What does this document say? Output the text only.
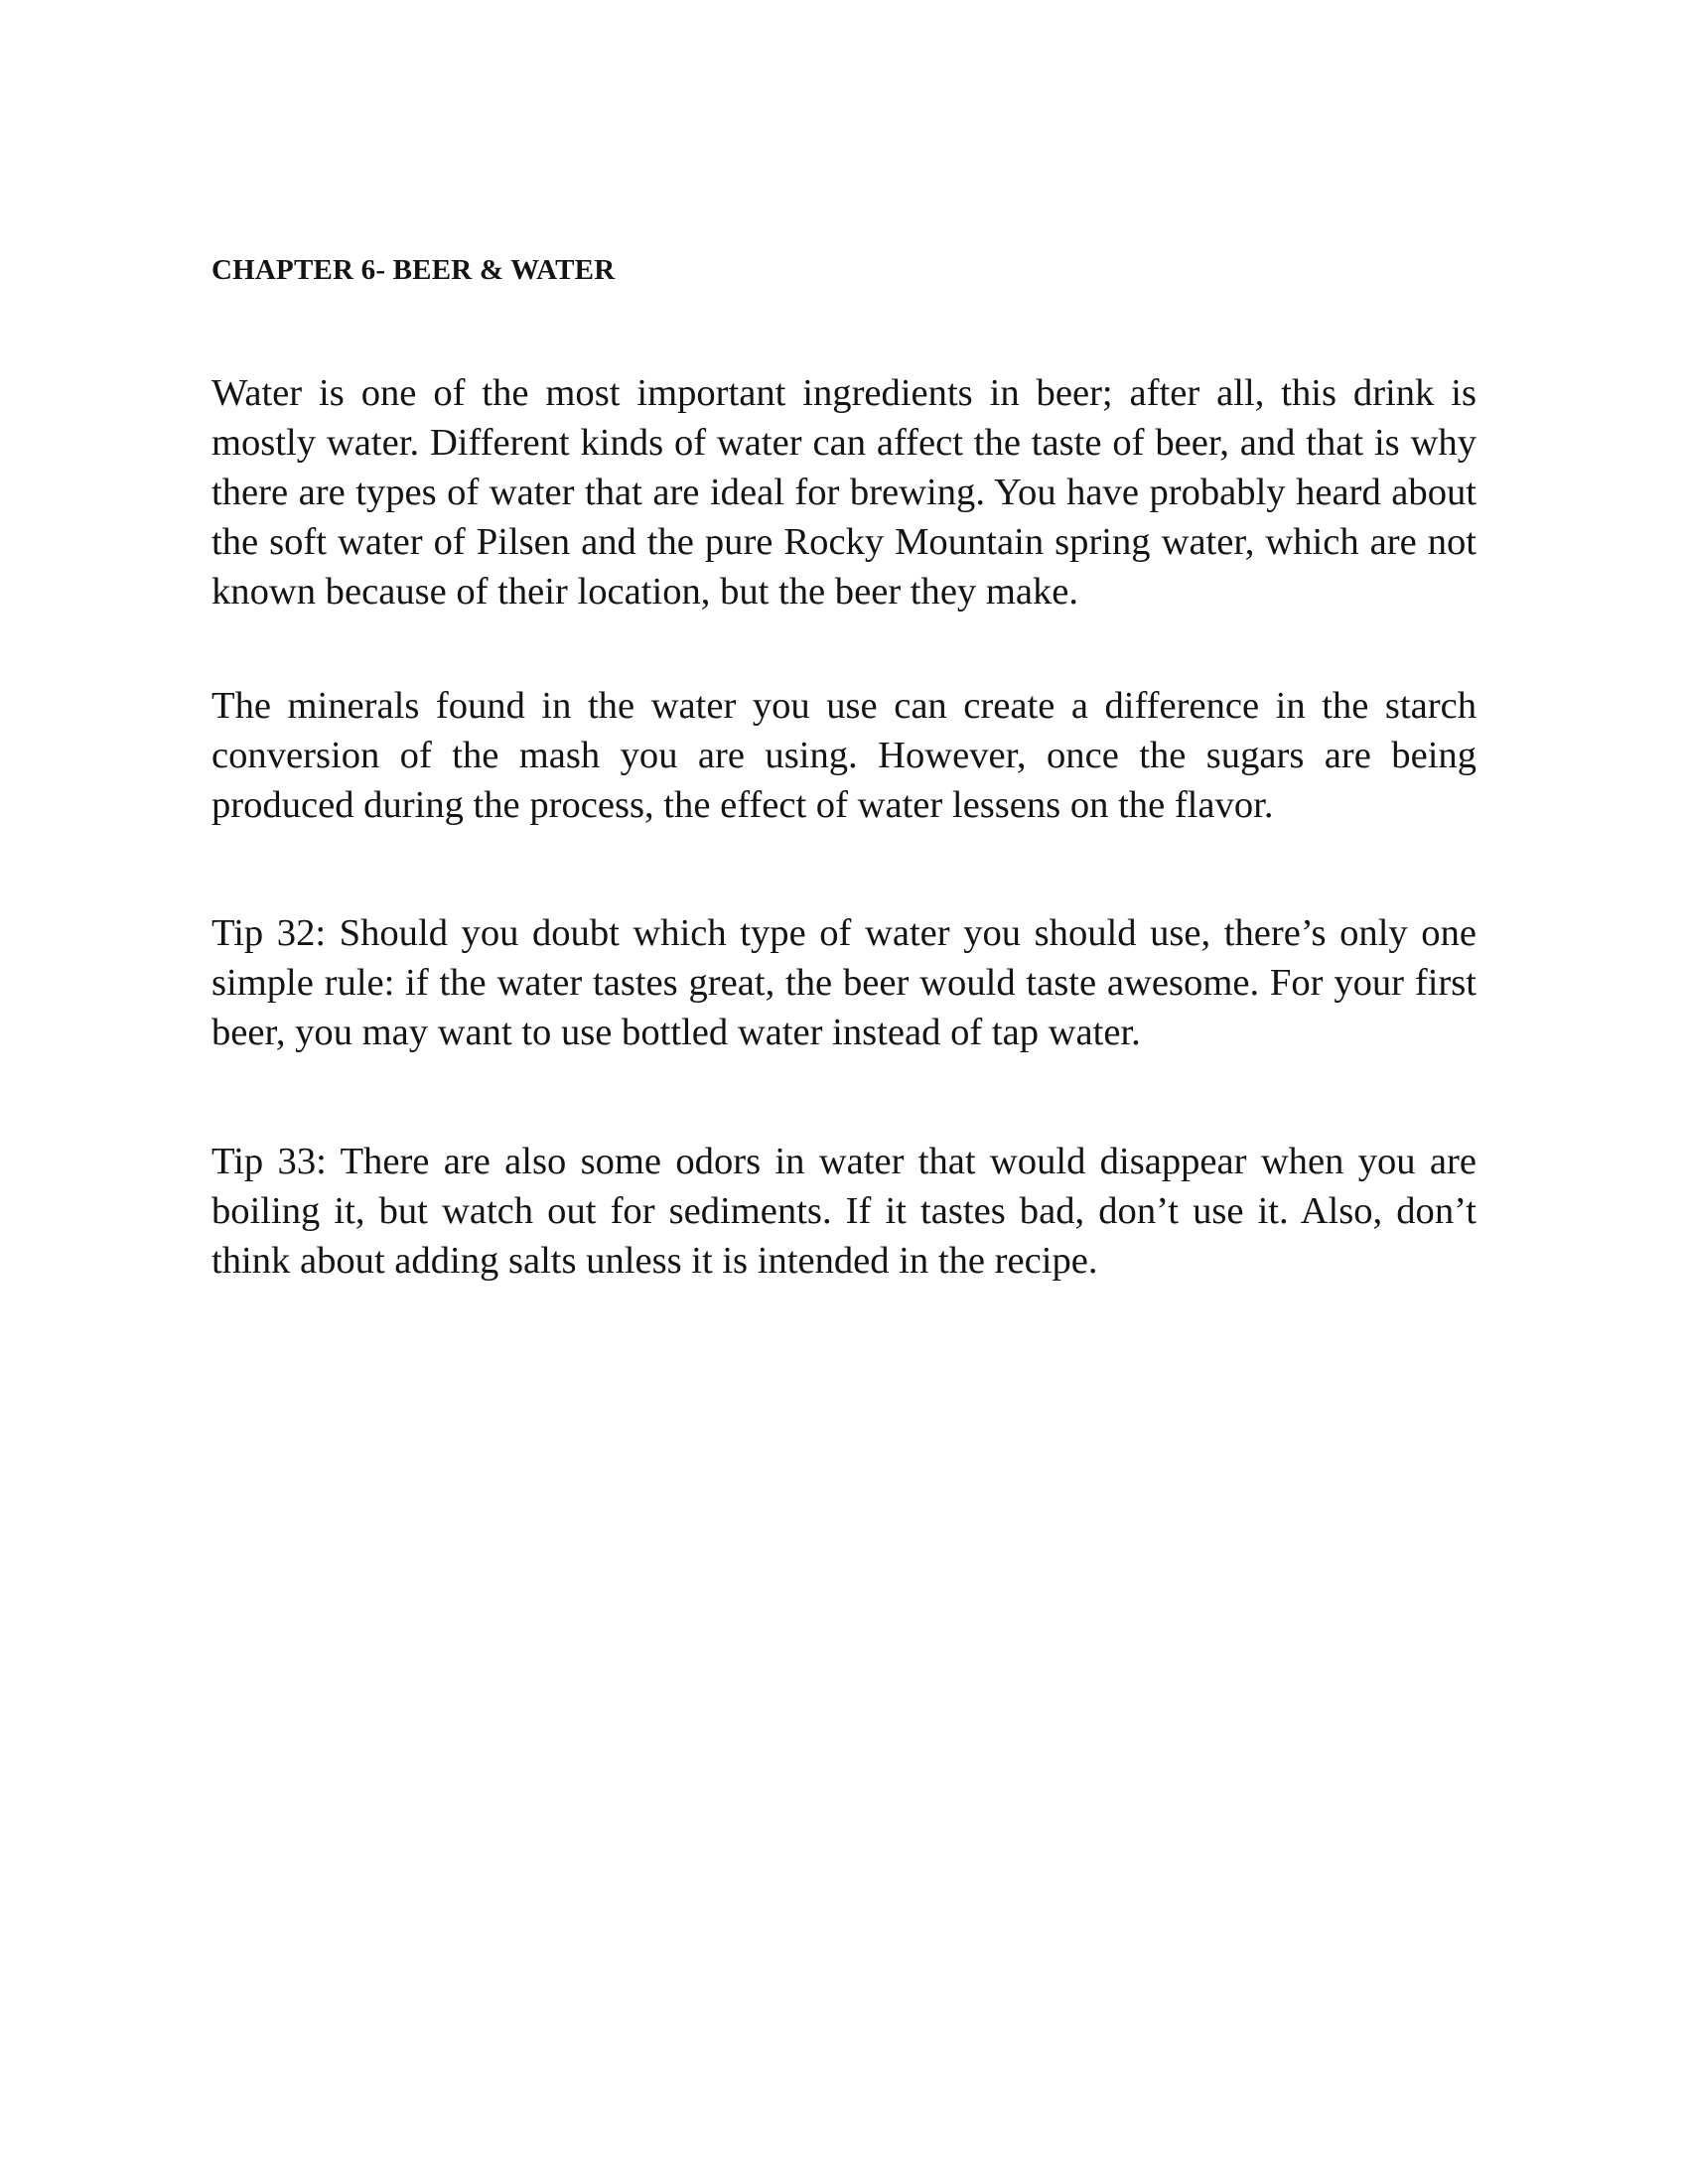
CHAPTER 6- BEER & WATER

Water is one of the most important ingredients in beer; after all, this drink is mostly water. Different kinds of water can affect the taste of beer, and that is why there are types of water that are ideal for brewing. You have probably heard about the soft water of Pilsen and the pure Rocky Mountain spring water, which are not known because of their location, but the beer they make.

The minerals found in the water you use can create a difference in the starch conversion of the mash you are using. However, once the sugars are being produced during the process, the effect of water lessens on the flavor.

Tip 32: Should you doubt which type of water you should use, there’s only one simple rule: if the water tastes great, the beer would taste awesome. For your first beer, you may want to use bottled water instead of tap water.

Tip 33: There are also some odors in water that would disappear when you are boiling it, but watch out for sediments. If it tastes bad, don’t use it. Also, don’t think about adding salts unless it is intended in the recipe.
